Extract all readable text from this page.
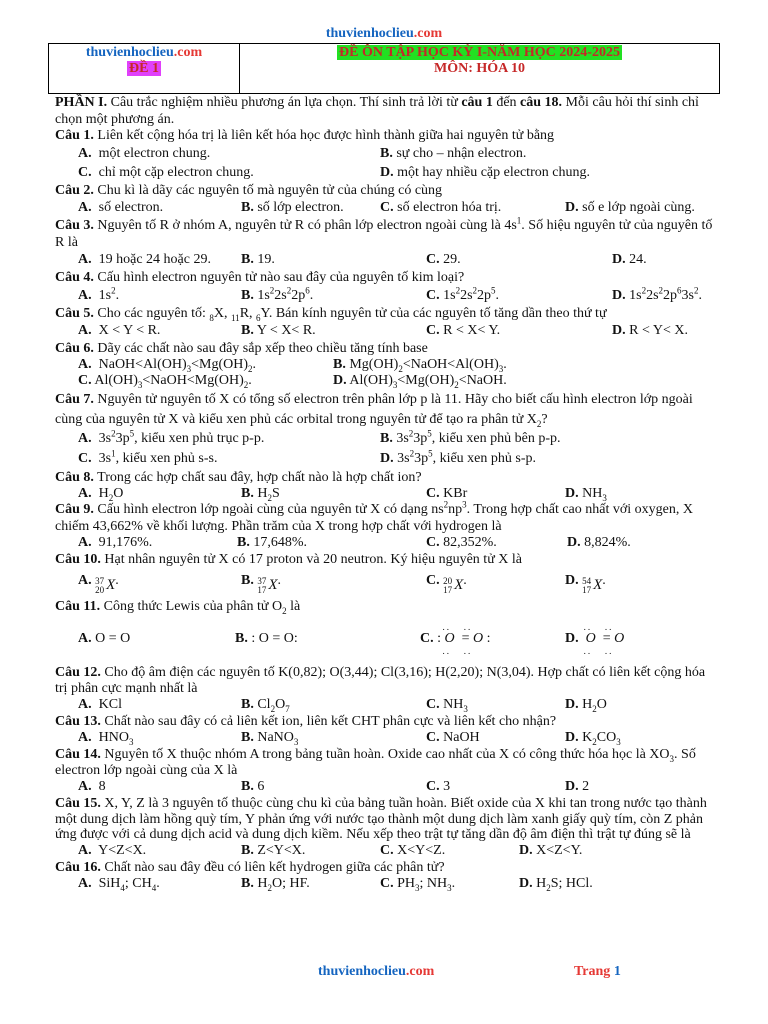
thuvienhoclieu.com
thuvienhoclieu.com
ĐỀ 1
ĐỀ ÔN TẬP HỌC KỲ I-NĂM HỌC 2024-2025
MÔN: HÓA 10

PHẦN I. Câu trắc nghiệm nhiều phương án lựa chọn. Thí sinh trả lời từ câu 1 đến câu 18. Mỗi câu hỏi thí sinh chỉ chọn một phương án.

Câu 1. Liên kết cộng hóa trị là liên kết hóa học được hình thành giữa hai nguyên tử bằng

A. một electron chung.	B. sự cho – nhận electron.
C. chỉ một cặp electron chung.	D. một hay nhiều cặp electron chung.

Câu 2. Chu kì là dãy các nguyên tố mà nguyên tử của chúng có cùng

A. số electron.	B. số lớp electron.	C. số electron hóa trị.	D. số e lớp ngoài cùng.

Câu 3. Nguyên tố R ở nhóm A, nguyên tử R có phân lớp electron ngoài cùng là $4s^1$. Số hiệu nguyên tử của nguyên tố R là

A. 19 hoặc 24 hoặc 29. B. 19.	C. 29.	D. 24.

Câu 4. Cấu hình electron nguyên tử nào sau đây của nguyên tố kim loại?

A.  $1s^2$.	B. $1s^22s^22p^6$.	C. $1s^22s^22p^5$.	D. $1s^22s^22p^63s^2$.

Câu 5. Cho các nguyên tố: $_8$X, $_{11}$R, $_6$Y. Bán kính nguyên tử của các nguyên tố tăng dần theo thứ tự

A. X < Y < R.	B. Y < X< R.	C. R < X< Y.	D. R < Y< X.

Câu 6. Dãy các chất nào sau đây sắp xếp theo chiều tăng tính base

A.  $NaOH<Al(OH)_3<Mg(OH)_2$.	B. $Mg(OH)_2<NaOH<Al(OH)_3$.
C. $Al(OH)_3<NaOH<Mg(OH)_2$.	D. $Al(OH)_3<Mg(OH)_2<NaOH$.

Câu 7. Nguyên tử nguyên tố X có tổng số electron trên phân lớp p là 11. Hãy cho biết cấu hình electron lớp ngoài cùng của nguyên tử X và kiểu xen phủ các orbital trong nguyên tử để tạo ra phân tử $X_2$?

A.  $3s^23p^5$, kiểu xen phủ trục p-p.	B. $3s^23p^5$, kiểu xen phủ bên p-p.
C.  $3s^1$, kiểu xen phủ s-s.	D. $3s^23p^5$, kiểu xen phủ s-p.

Câu 8. Trong các hợp chất sau đây, hợp chất nào là hợp chất ion?

A.  $H_2O$	B. $H_2S$	C. KBr	D. $NH_3$

Câu 9. Cấu hình electron lớp ngoài cùng của nguyên tử X có dạng $ns^2np^3$. Trong hợp chất cao nhất với oxygen, X chiếm 43,662% về khối lượng. Phần trăm của X trong hợp chất với hydrogen là

A. 91,176%.	B. 17,648%.	C. 82,352%.	D. 8,824%.

Câu 10. Hạt nhân nguyên tử X có 17 proton và 20 neutron. Ký hiệu nguyên tử X là

A. 37
20 X .	B. 37
17 X .	C. 20
17 X .	D. 54
17 X .

Câu 11. Công thức Lewis của phân tử $O_2$ là

A. O = O	B. : O = O:	C. :
..   ..
O  = O
..   ..
:	D.
..   ..
O  = O
..   ..

Câu 12. Cho độ âm điện các nguyên tố K(0,82); O(3,44); Cl(3,16); H(2,20); N(3,04). Hợp chất có liên kết cộng hóa trị phân cực mạnh nhất là

A.  KCl	B. $Cl_2O_7$	C. $NH_3$	D. $H_2O$

Câu 13. Chất nào sau đây có cả liên kết ion, liên kết CHT phân cực và liên kết cho nhận?

A.  $HNO_3$	B. NaNO$_3$	C. NaOH	D. $K_2CO_3$

Câu 14. Nguyên tố X thuộc nhóm A trong bảng tuần hoàn. Oxide cao nhất của X có công thức hóa học là $XO_3$. Số electron lớp ngoài cùng của X là

A. 8	B. 6	C. 3	D. 2

Câu 15. X, Y, Z là 3 nguyên tố thuộc cùng chu kì của bảng tuần hoàn. Biết oxide của X khi tan trong nước tạo thành một dung dịch làm hồng quỳ tím, Y phản ứng với nước tạo thành một dung dịch làm xanh giấy quỳ tím, còn Z phản ứng được với cả dung dịch acid và dung dịch kiềm. Nếu xếp theo trật tự tăng dần độ âm điện thì trật tự đúng sẽ là

A. Y<Z<X.	B. Z<Y<X.	C. X<Y<Z.	D. X<Z<Y.

Câu 16. Chất nào sau đây đều có liên kết hydrogen giữa các phân tử?

A.  SiH$_4$; $CH_4$.	B. $H_2O$; HF.	C. $PH_3$; $NH_3$.	D. $H_2S$; HCl.
thuvienhoclieu.com	Trang 1
